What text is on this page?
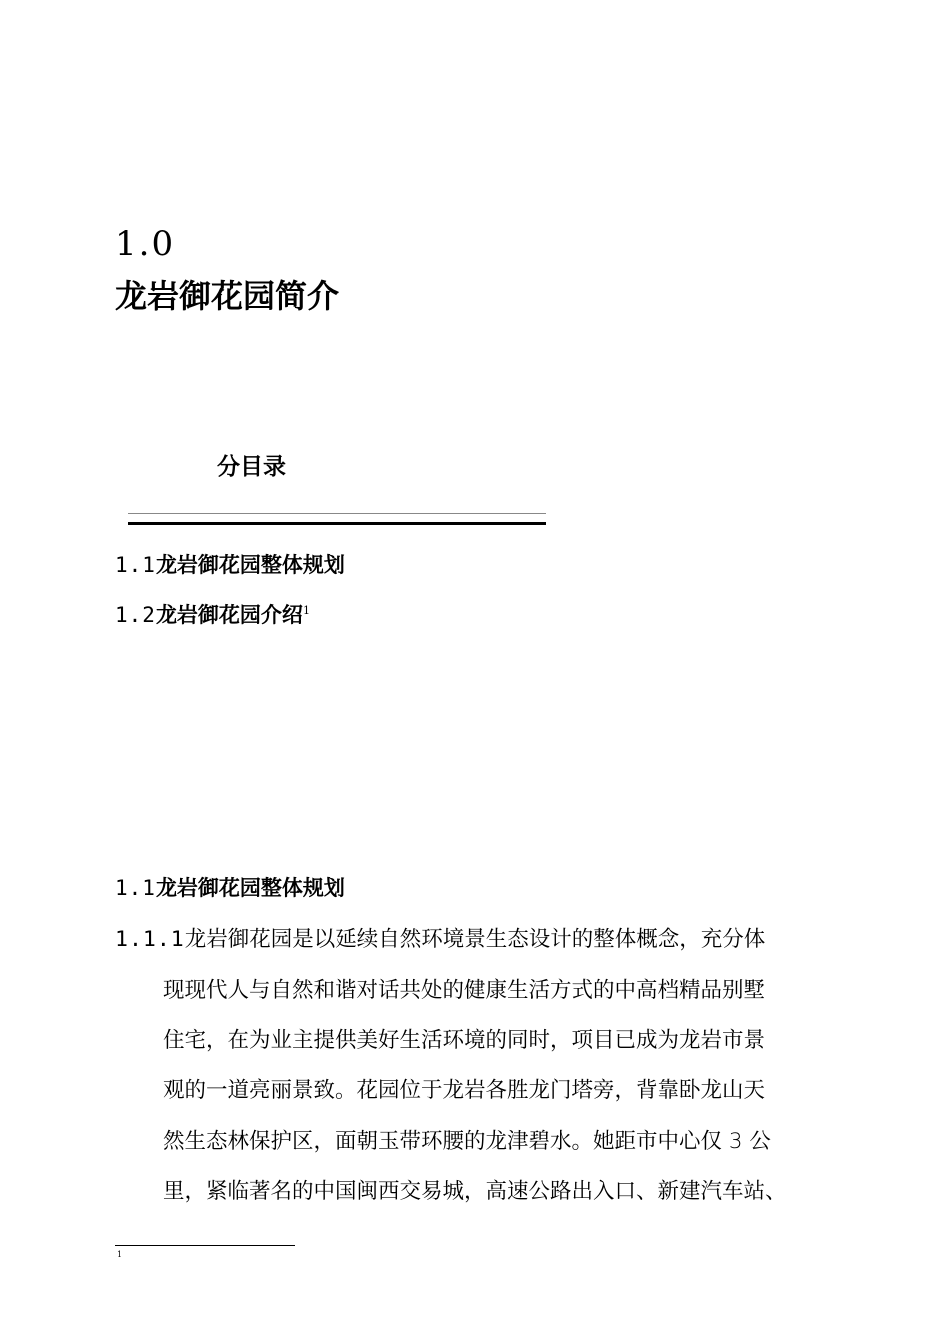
1.0
龙岩御花园简介
分目录
1.1龙岩御花园整体规划
1.2龙岩御花园介绍$^1$
1.1龙岩御花园整体规划
1.1.1龙岩御花园是以延续自然环境景生态设计的整体概念，充分体
现现代人与自然和谐对话共处的健康生活方式的中高档精品别墅
住宅，在为业主提供美好生活环境的同时，项目已成为龙岩市景
观的一道亮丽景致。花园位于龙岩各胜龙门塔旁，背靠卧龙山天
然生态林保护区，面朝玉带环腰的龙津碧水。她距市中心仅 3 公
里，紧临著名的中国闽西交易城，高速公路出入口、新建汽车站、
1
